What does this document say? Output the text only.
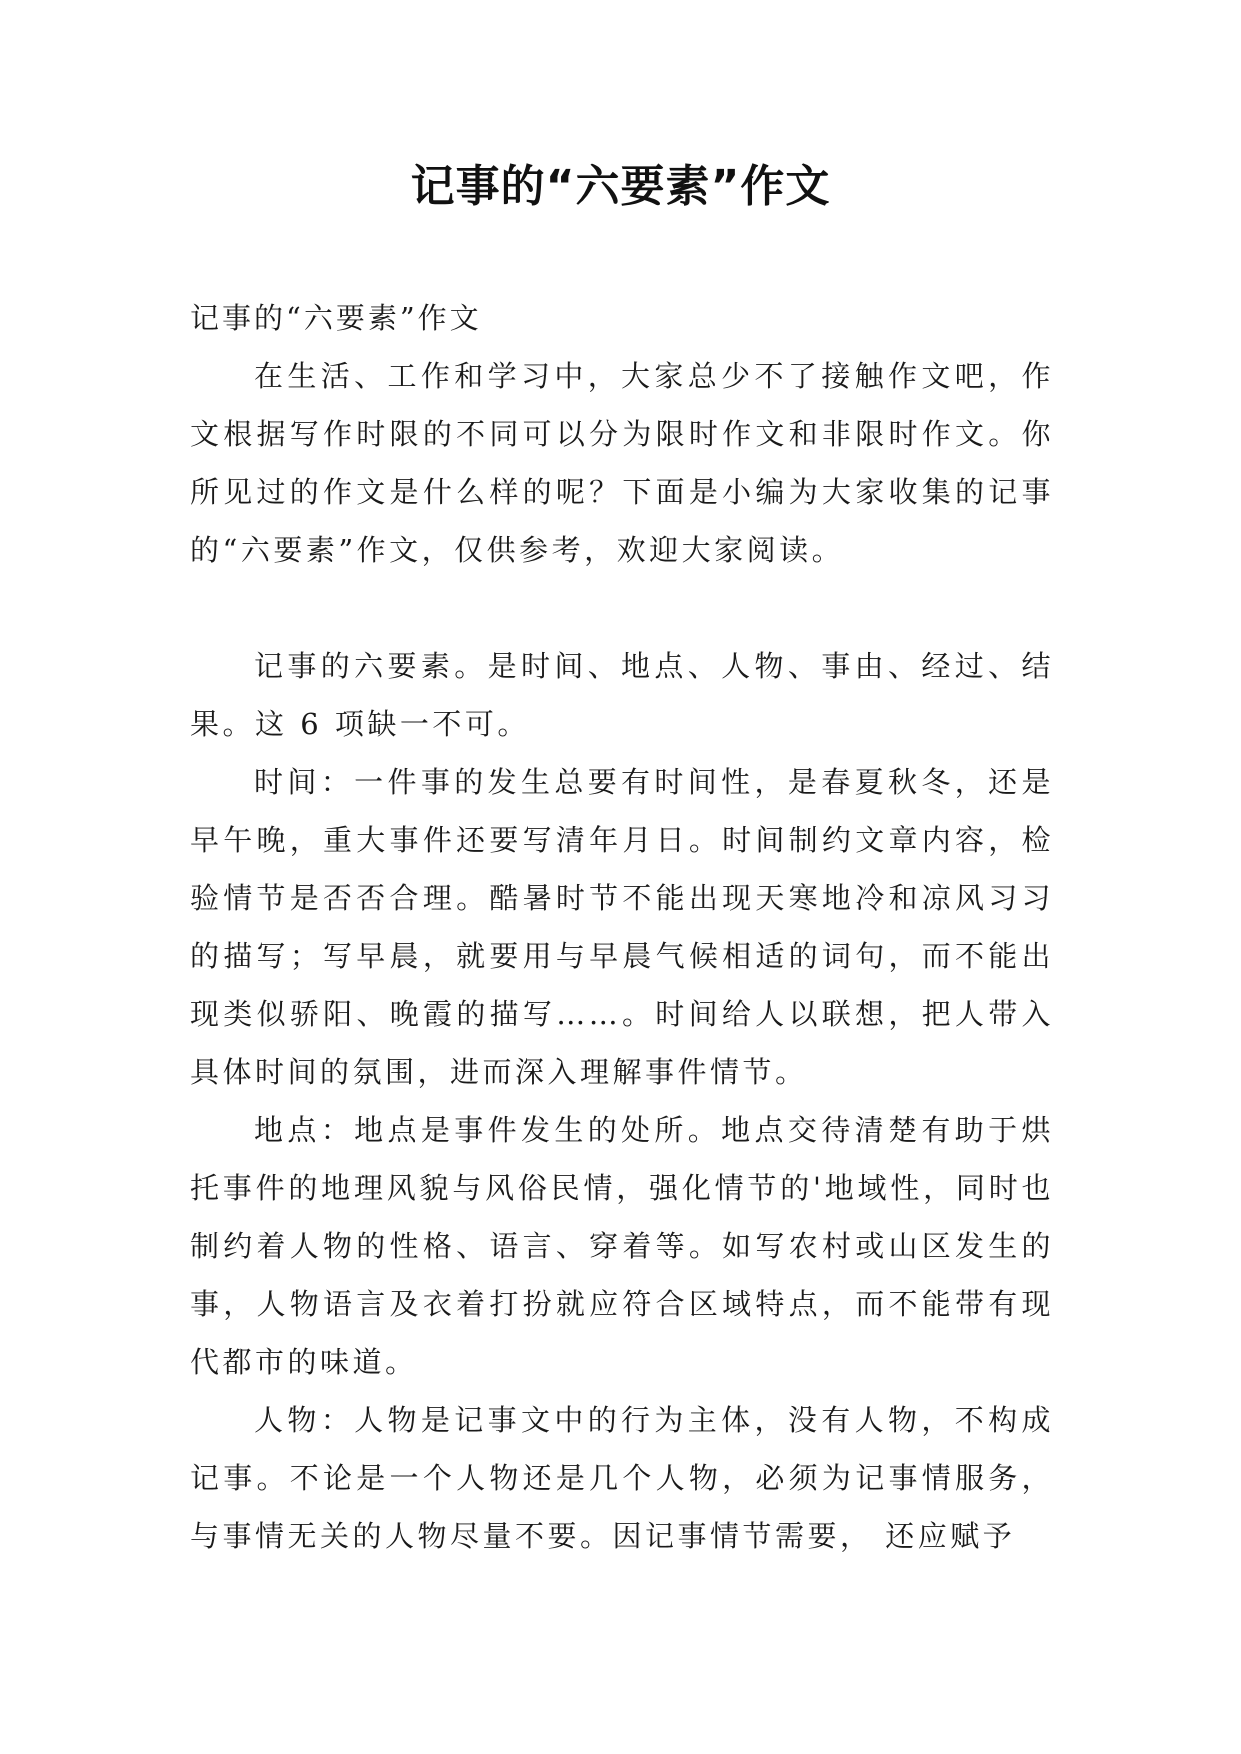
记事的“六要素”作文

记事的“六要素”作文

在生活、工作和学习中，大家总少不了接触作文吧，作文根据写作时限的不同可以分为限时作文和非限时作文。你所见过的作文是什么样的呢？下面是小编为大家收集的记事的“六要素”作文，仅供参考，欢迎大家阅读。

记事的六要素。是时间、地点、人物、事由、经过、结果。这 6 项缺一不可。

时间：一件事的发生总要有时间性，是春夏秋冬，还是早午晚，重大事件还要写清年月日。时间制约文章内容，检验情节是否否合理。酷暑时节不能出现天寒地冷和凉风习习的描写；写早晨，就要用与早晨气候相适的词句，而不能出现类似骄阳、晚霞的描写……。时间给人以联想，把人带入具体时间的氛围，进而深入理解事件情节。

地点：地点是事件发生的处所。地点交待清楚有助于烘托事件的地理风貌与风俗民情，强化情节的'地域性，同时也制约着人物的性格、语言、穿着等。如写农村或山区发生的事，人物语言及衣着打扮就应符合区域特点，而不能带有现代都市的味道。

人物：人物是记事文中的行为主体，没有人物，不构成记事。不论是一个人物还是几个人物，必须为记事情服务，与事情无关的人物尽量不要。因记事情节需要， 还应赋予
